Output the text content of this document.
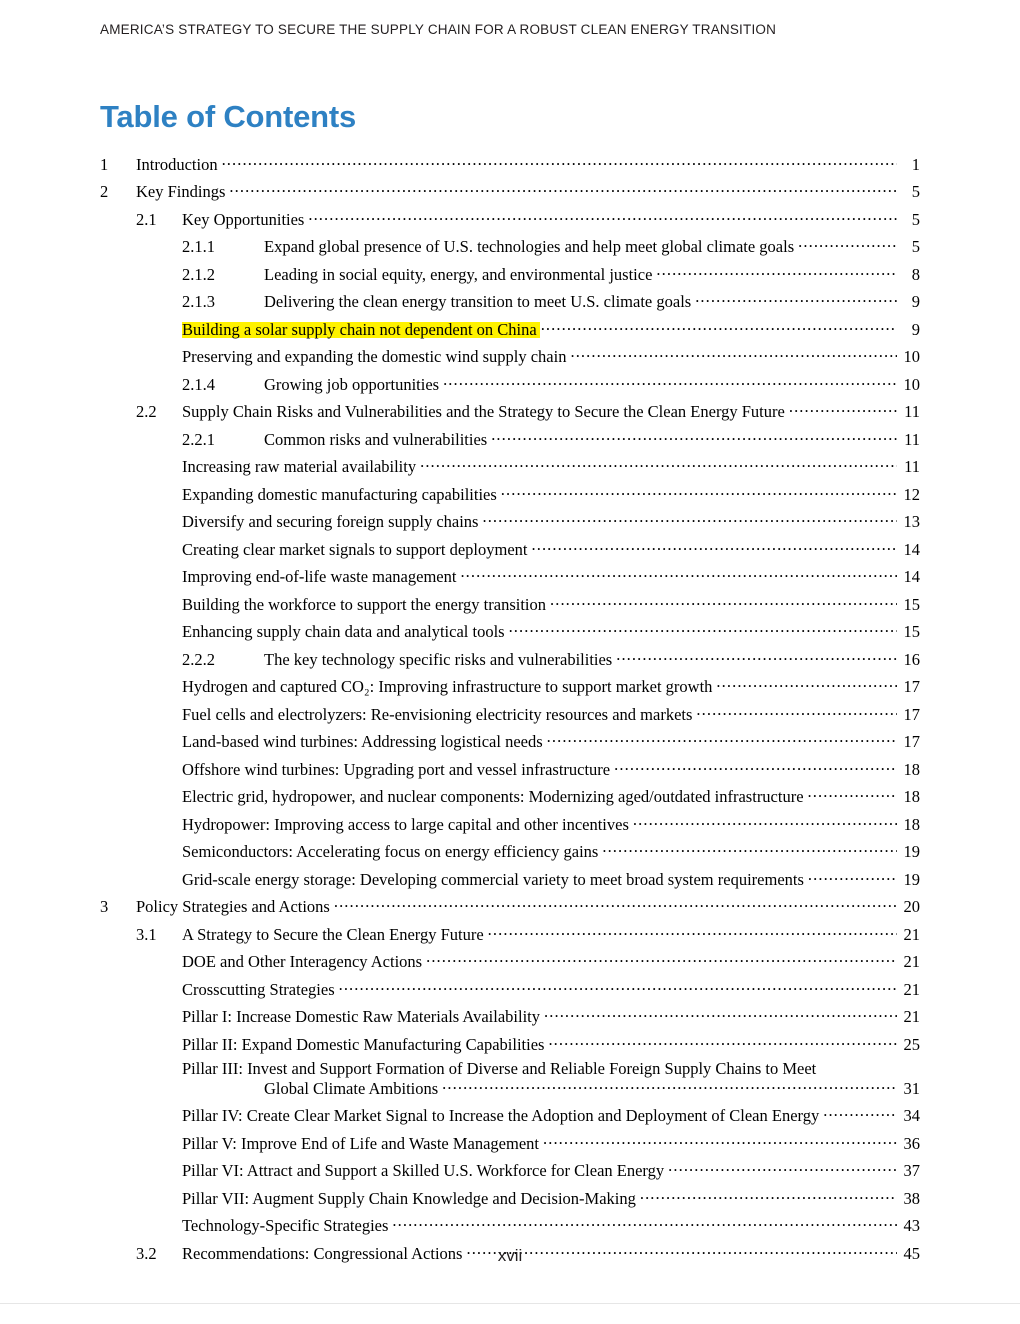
AMERICA’S STRATEGY TO SECURE THE SUPPLY CHAIN FOR A ROBUST CLEAN ENERGY TRANSITION
Table of Contents
1	Introduction .....	1
2	Key Findings .....	5
2.1	Key Opportunities .....	5
2.1.1	Expand global presence of U.S. technologies and help meet global climate goals .....	5
2.1.2	Leading in social equity, energy, and environmental justice .....	8
2.1.3	Delivering the clean energy transition to meet U.S. climate goals .....	9
Building a solar supply chain not dependent on China .....	9
Preserving and expanding the domestic wind supply chain .....	10
2.1.4	Growing job opportunities .....	10
2.2	Supply Chain Risks and Vulnerabilities and the Strategy to Secure the Clean Energy Future .....	11
2.2.1	Common risks and vulnerabilities .....	11
Increasing raw material availability .....	11
Expanding domestic manufacturing capabilities .....	12
Diversify and securing foreign supply chains .....	13
Creating clear market signals to support deployment .....	14
Improving end-of-life waste management .....	14
Building the workforce to support the energy transition .....	15
Enhancing supply chain data and analytical tools .....	15
2.2.2	The key technology specific risks and vulnerabilities .....	16
Hydrogen and captured CO₂: Improving infrastructure to support market growth .....	17
Fuel cells and electrolyzers: Re-envisioning electricity resources and markets .....	17
Land-based wind turbines: Addressing logistical needs .....	17
Offshore wind turbines: Upgrading port and vessel infrastructure .....	18
Electric grid, hydropower, and nuclear components: Modernizing aged/outdated infrastructure .....	18
Hydropower: Improving access to large capital and other incentives .....	18
Semiconductors: Accelerating focus on energy efficiency gains .....	19
Grid-scale energy storage: Developing commercial variety to meet broad system requirements .....	19
3	Policy Strategies and Actions .....	20
3.1	A Strategy to Secure the Clean Energy Future .....	21
DOE and Other Interagency Actions .....	21
Crosscutting Strategies .....	21
Pillar I: Increase Domestic Raw Materials Availability .....	21
Pillar II: Expand Domestic Manufacturing Capabilities .....	25
Pillar III: Invest and Support Formation of Diverse and Reliable Foreign Supply Chains to Meet
Global Climate Ambitions .....	31
Pillar IV: Create Clear Market Signal to Increase the Adoption and Deployment of Clean Energy .....	34
Pillar V: Improve End of Life and Waste Management .....	36
Pillar VI: Attract and Support a Skilled U.S. Workforce for Clean Energy .....	37
Pillar VII: Augment Supply Chain Knowledge and Decision-Making .....	38
Technology-Specific Strategies .....	43
3.2	Recommendations: Congressional Actions .....	45
xvii
